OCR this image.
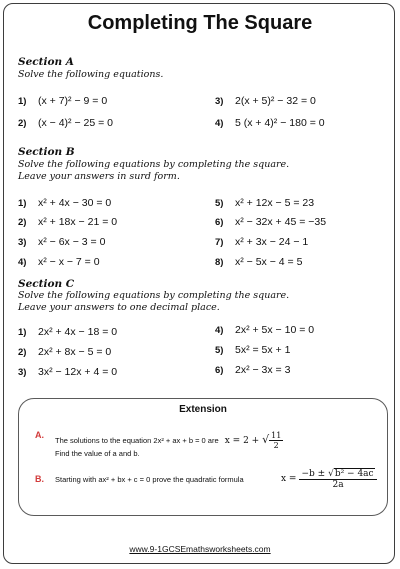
Completing The Square
Section A
Solve the following equations.
1)	(x + 7)² − 9 = 0
2)	(x − 4)² − 25 = 0
3)	2(x + 5)² − 32 = 0
4)	5 (x + 4)² − 180 = 0
Section B
Solve the following equations by completing the square.
Leave your answers in surd form.
1)	x² + 4x − 30 = 0
2)	x² + 18x − 21 = 0
3)	x² − 6x − 3 = 0
4)	x² − x − 7 = 0
5)	x² + 12x − 5 = 23
6)	x² − 32x + 45 = −35
7)	x² + 3x − 24 − 1
8)	x² − 5x − 4 = 5
Section C
Solve the following equations by completing the square.
Leave your answers to one decimal place.
1)	2x² + 4x − 18 = 0
2)	2x² + 8x − 5 = 0
3)	3x² − 12x + 4 = 0
4)	2x² + 5x − 10 = 0
5)	5x² = 5x + 1
6)	2x² − 3x = 3
Extension
A.
The solutions to the equation 2x² + ax + b = 0 are x = 2 + √ $\frac{11}{2}$
Find the value of a and b.
B. Starting with ax² + bx + c = 0 prove the quadratic formula	$x = \frac{\text{−b ± √b² − 4ac}}{2a}$
www.9-1GCSEmathsworksheets.com
